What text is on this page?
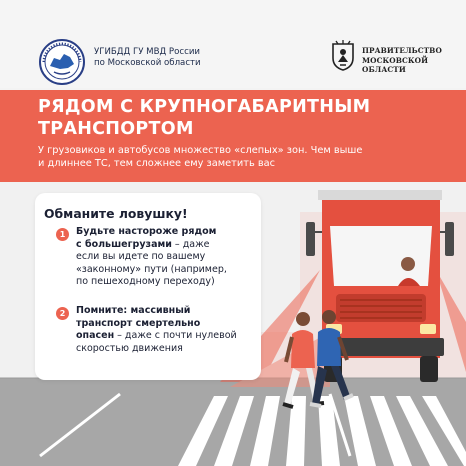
УГИБДД ГУ МВД России
по Московской области
ПРАВИТЕЛЬСТВО
МОСКОВСКОЙ
ОБЛАСТИ
РЯДОМ С КРУПНОГАБАРИТНЫМ
ТРАНСПОРТОМ
У грузовиков и автобусов множество «слепых» зон. Чем выше
и длиннее ТС, тем сложнее ему заметить вас
Обманите ловушку!
1	Будьте настороже рядом
с большегрузами – даже
если вы идете по вашему
«законному» пути (например,
по пешеходному переходу)
2	Помните: массивный
транспорт смертельно
опасен – даже с почти нулевой
скоростью движения
